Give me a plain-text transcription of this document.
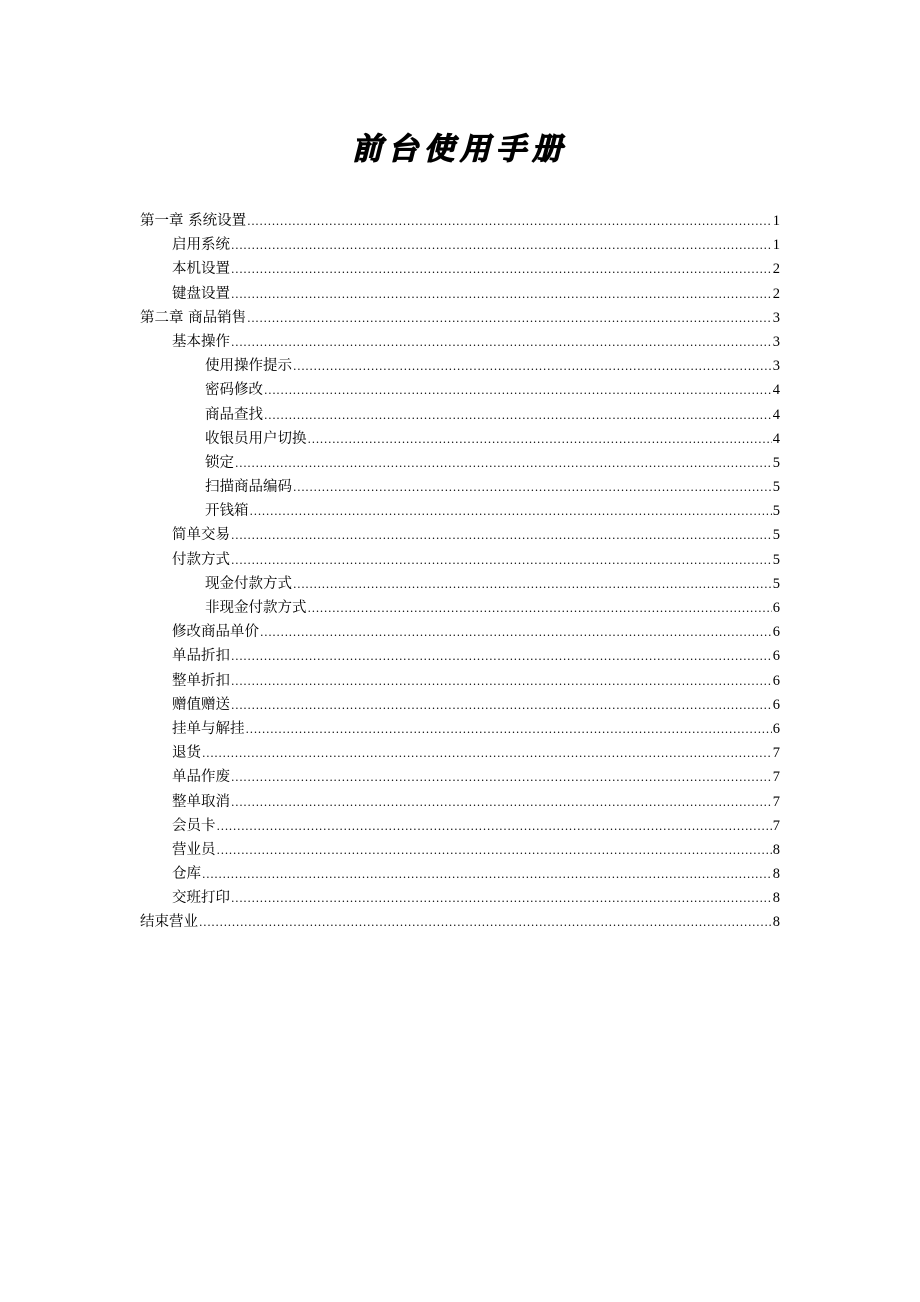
前台使用手册
第一章 系统设置 .....	1
启用系统 .....	1
本机设置 .....	2
键盘设置 .....	2
第二章 商品销售 .....	3
基本操作 .....	3
使用操作提示 .....	3
密码修改 .....	4
商品查找 .....	4
收银员用户切换 .....	4
锁定 .....	5
扫描商品编码 .....	5
开钱箱 .....	5
简单交易 .....	5
付款方式 .....	5
现金付款方式 .....	5
非现金付款方式 .....	6
修改商品单价 .....	6
单品折扣 .....	6
整单折扣 .....	6
赠值赠送 .....	6
挂单与解挂 .....	6
退货 .....	7
单品作废 .....	7
整单取消 .....	7
会员卡 .....	7
营业员 .....	8
仓库 .....	8
交班打印 .....	8
结束营业 .....	8
